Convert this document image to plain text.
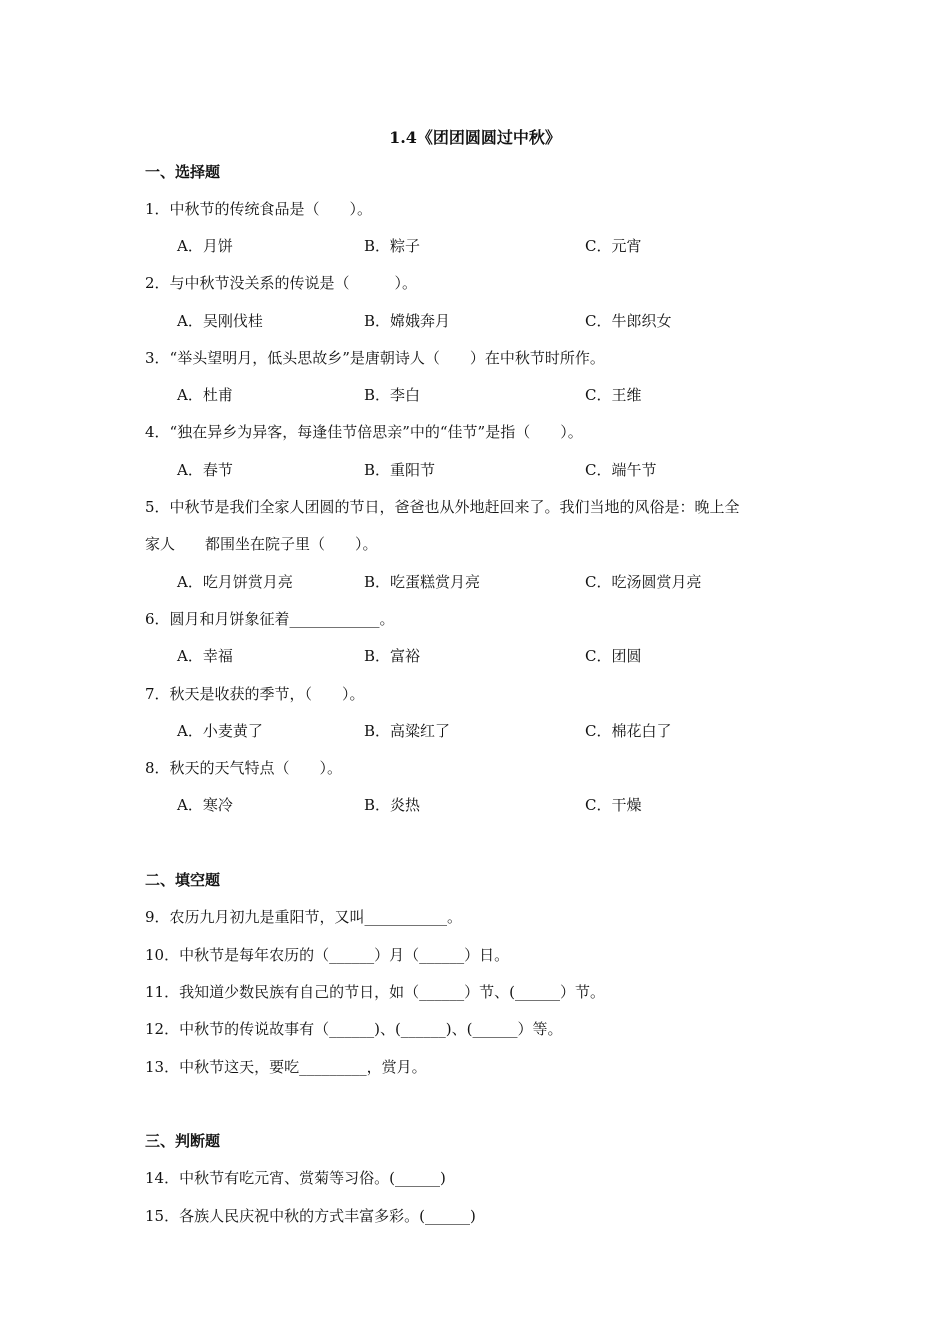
1.4《团团圆圆过中秋》
一、选择题
1．中秋节的传统食品是（　　）。
A．月饼	B．粽子	C．元宵
2．与中秋节没关系的传说是（　　　）。
A．吴刚伐桂	B．嫦娥奔月	C．牛郎织女
3．“举头望明月，低头思故乡”是唐朝诗人（　　）在中秋节时所作。
A．杜甫	B．李白	C．王维
4．“独在异乡为异客，每逢佳节倍思亲”中的“佳节”是指（　　）。
A．春节	B．重阳节	C．端午节
5．中秋节是我们全家人团圆的节日，爸爸也从外地赶回来了。我们当地的风俗是：晚上全
家人　　都围坐在院子里（　　）。
A．吃月饼赏月亮	B．吃蛋糕赏月亮	C．吃汤圆赏月亮
6．圆月和月饼象征着____________。
A．幸福	B．富裕	C．团圆
7．秋天是收获的季节，（　　）。
A．小麦黄了	B．高粱红了	C．棉花白了
8．秋天的天气特点（　　）。
A．寒冷	B．炎热	C．干燥
二、填空题
9．农历九月初九是重阳节，又叫___________。
10．中秋节是每年农历的（______）月（______）日。
11．我知道少数民族有自己的节日，如（______）节、(______）节。
12．中秋节的传说故事有（______)、(______)、(______）等。
13．中秋节这天，要吃_________，赏月。
三、判断题
14．中秋节有吃元宵、赏菊等习俗。(______)
15．各族人民庆祝中秋的方式丰富多彩。(______)
